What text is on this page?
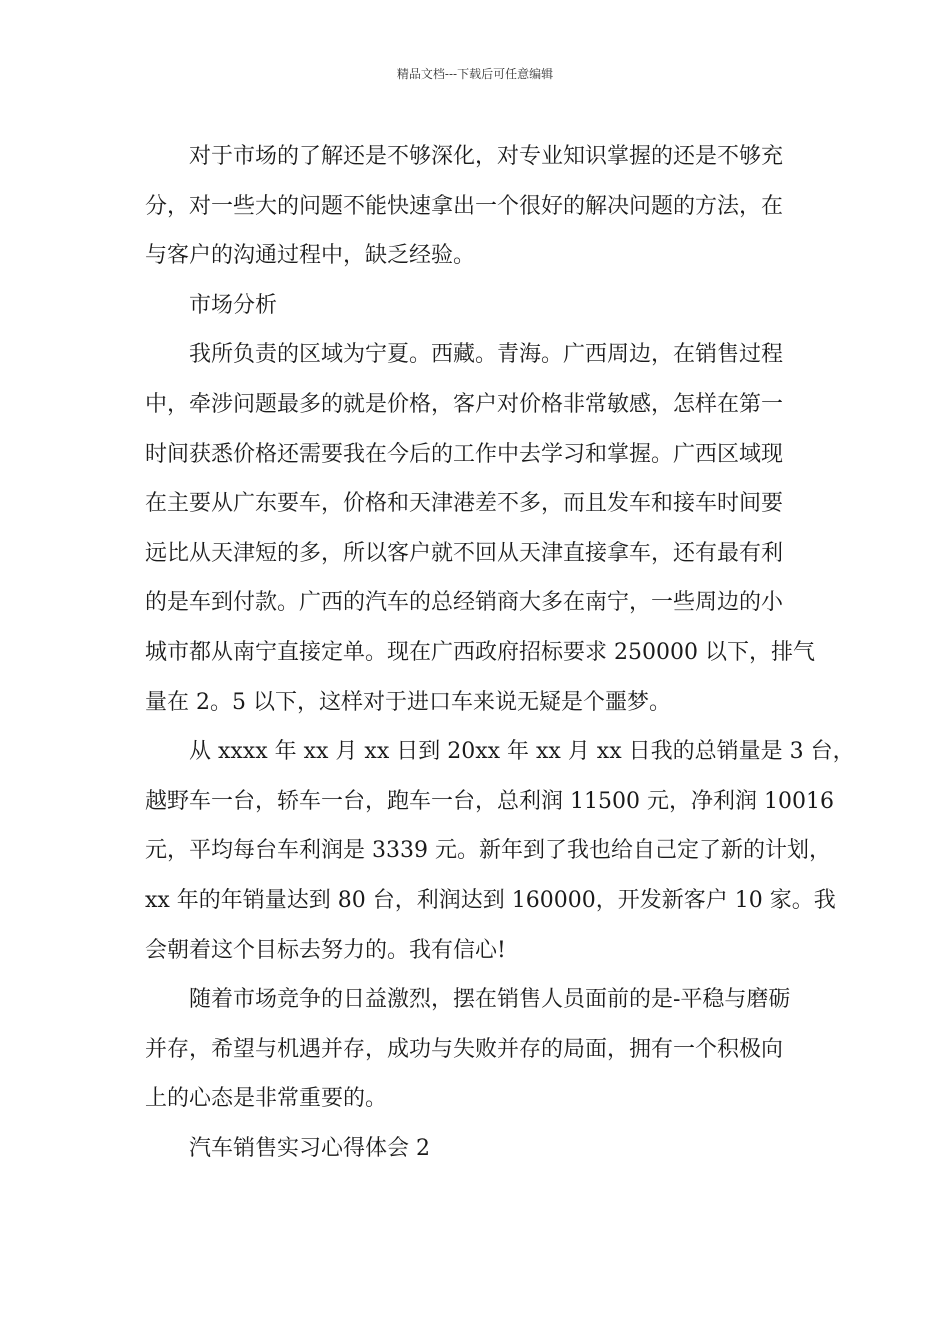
精品文档---下载后可任意编辑
对于市场的了解还是不够深化，对专业知识掌握的还是不够充
分，对一些大的问题不能快速拿出一个很好的解决问题的方法，在
与客户的沟通过程中，缺乏经验。
市场分析
我所负责的区域为宁夏。西藏。青海。广西周边，在销售过程
中，牵涉问题最多的就是价格，客户对价格非常敏感，怎样在第一
时间获悉价格还需要我在今后的工作中去学习和掌握。广西区域现
在主要从广东要车，价格和天津港差不多，而且发车和接车时间要
远比从天津短的多，所以客户就不回从天津直接拿车，还有最有利
的是车到付款。广西的汽车的总经销商大多在南宁，一些周边的小
城市都从南宁直接定单。现在广西政府招标要求 250000 以下，排气
量在 2。5 以下，这样对于进口车来说无疑是个噩梦。
从 xxxx 年 xx 月 xx 日到 20xx 年 xx 月 xx 日我的总销量是 3 台，
越野车一台，轿车一台，跑车一台，总利润 11500 元，净利润 10016
元，平均每台车利润是 3339 元。新年到了我也给自己定了新的计划，
xx 年的年销量达到 80 台，利润达到 160000，开发新客户 10 家。我
会朝着这个目标去努力的。我有信心!
随着市场竞争的日益激烈，摆在销售人员面前的是-平稳与磨砺
并存，希望与机遇并存，成功与失败并存的局面，拥有一个积极向
上的心态是非常重要的。
汽车销售实习心得体会 2
